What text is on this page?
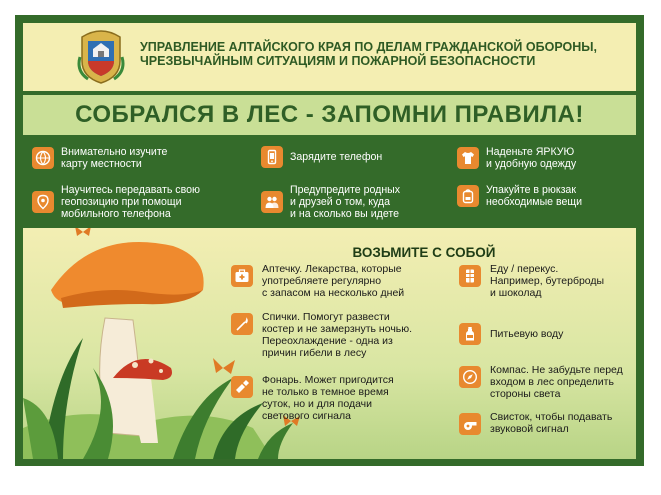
УПРАВЛЕНИЕ АЛТАЙСКОГО КРАЯ ПО ДЕЛАМ ГРАЖДАНСКОЙ ОБОРОНЫ,
ЧРЕЗВЫЧАЙНЫМ СИТУАЦИЯМ И ПОЖАРНОЙ БЕЗОПАСНОСТИ
СОБРАЛСЯ В ЛЕС - ЗАПОМНИ ПРАВИЛА!
Внимательно изучите
карту местности
Зарядите телефон	Наденьте ЯРКУЮ
и удобную одежду
Научитесь передавать свою
геопозицию при помощи
мобильного телефона
Предупредите родных
и друзей о том, куда
и на сколько вы идете
Упакуйте в рюкзак
необходимые вещи
ВОЗЬМИТЕ С СОБОЙ
Аптечку. Лекарства, которые
употребляете регулярно
с запасом на несколько дней
Спички. Помогут развести
костер и не замерзнуть ночью.
Переохлаждение - одна из
причин гибели в лесу
Фонарь. Может пригодится
не только в темное время
суток, но и для подачи
светового сигнала
Еду / перекус.
Например, бутерброды
и шоколад
Питьевую воду
Компас. Не забудьте перед
входом в лес определить
стороны света
Свисток, чтобы подавать
звуковой сигнал
